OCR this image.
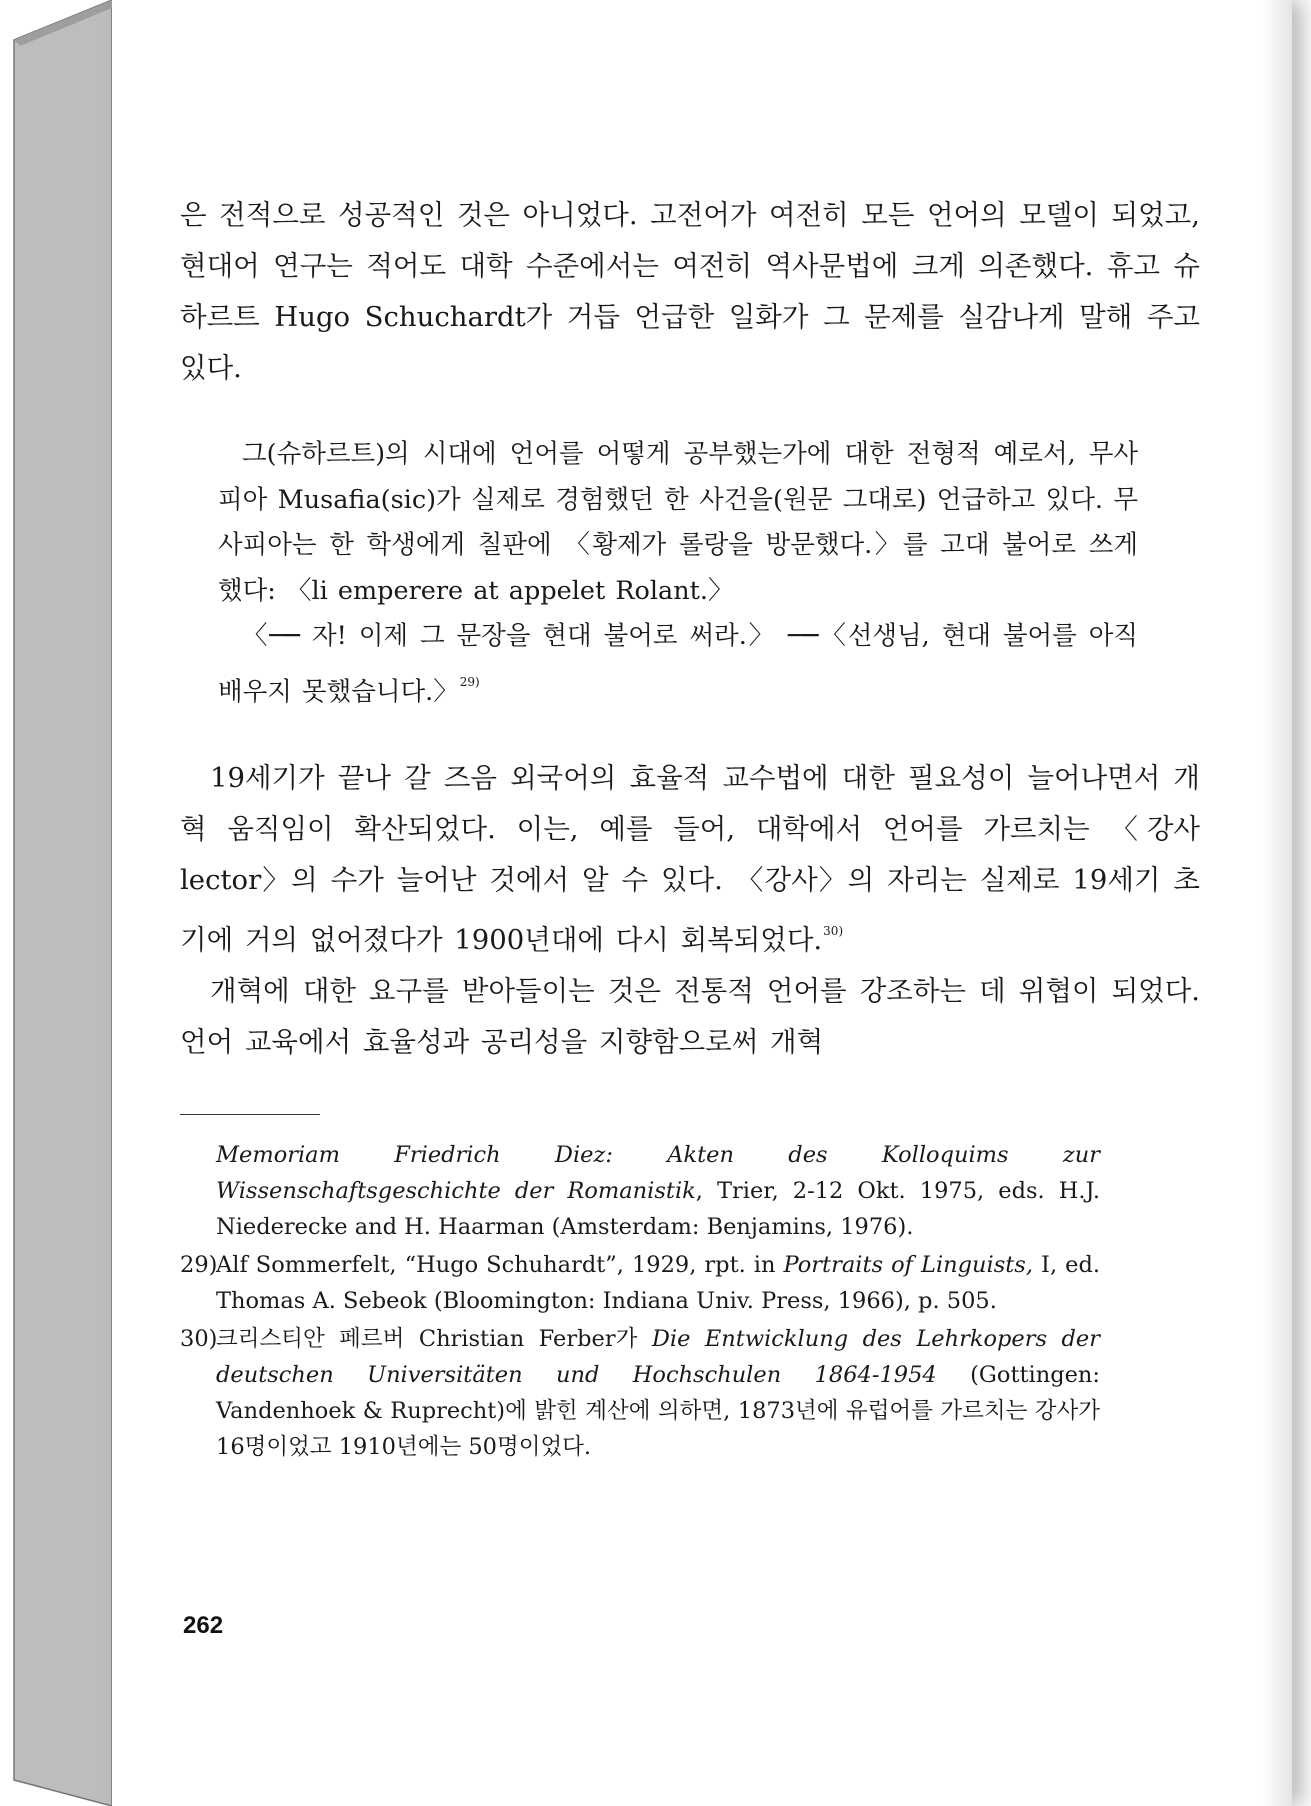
은 전적으로 성공적인 것은 아니었다. 고전어가 여전히 모든 언어의 모델이 되었고, 현대어 연구는 적어도 대학 수준에서는 여전히 역사문법에 크게 의존했다. 휴고 슈하르트 Hugo Schuchardt가 거듭 언급한 일화가 그 문제를 실감나게 말해 주고 있다.

그(슈하르트)의 시대에 언어를 어떻게 공부했는가에 대한 전형적 예로서, 무사피아 Musafia(sic)가 실제로 경험했던 한 사건을(원문 그대로) 언급하고 있다. 무사피아는 한 학생에게 칠판에 〈황제가 롤랑을 방문했다.〉를 고대 불어로 쓰게 했다: 〈li emperere at appelet Rolant.〉

〈── 자! 이제 그 문장을 현대 불어로 써라.〉 ──〈선생님, 현대 불어를 아직 배우지 못했습니다.〉$^{29)}$

19세기가 끝나 갈 즈음 외국어의 효율적 교수법에 대한 필요성이 늘어나면서 개혁 움직임이 확산되었다. 이는, 예를 들어, 대학에서 언어를 가르치는 〈강사 lector〉의 수가 늘어난 것에서 알 수 있다. 〈강사〉의 자리는 실제로 19세기 초기에 거의 없어졌다가 1900년대에 다시 회복되었다.$^{30)}$

개혁에 대한 요구를 받아들이는 것은 전통적 언어를 강조하는 데 위협이 되었다. 언어 교육에서 효율성과 공리성을 지향함으로써 개혁

Memoriam Friedrich Diez: Akten des Kolloquims zur Wissenschaftsgeschichte der Romanistik, Trier, 2-12 Okt. 1975, eds. H.J. Niederecke and H. Haarman (Amsterdam: Benjamins, 1976).
29)
Alf Sommerfelt, “Hugo Schuhardt”, 1929, rpt. in Portraits of Linguists, I, ed. Thomas A. Sebeok (Bloomington: Indiana Univ. Press, 1966), p. 505.
30)
크리스티안 페르버 Christian Ferber가 Die Entwicklung des Lehrkopers der deutschen Universitäten und Hochschulen 1864-1954 (Gottingen: Vandenhoek & Ruprecht)에 밝힌 계산에 의하면, 1873년에 유럽어를 가르치는 강사가 16명이었고 1910년에는 50명이었다.
262
